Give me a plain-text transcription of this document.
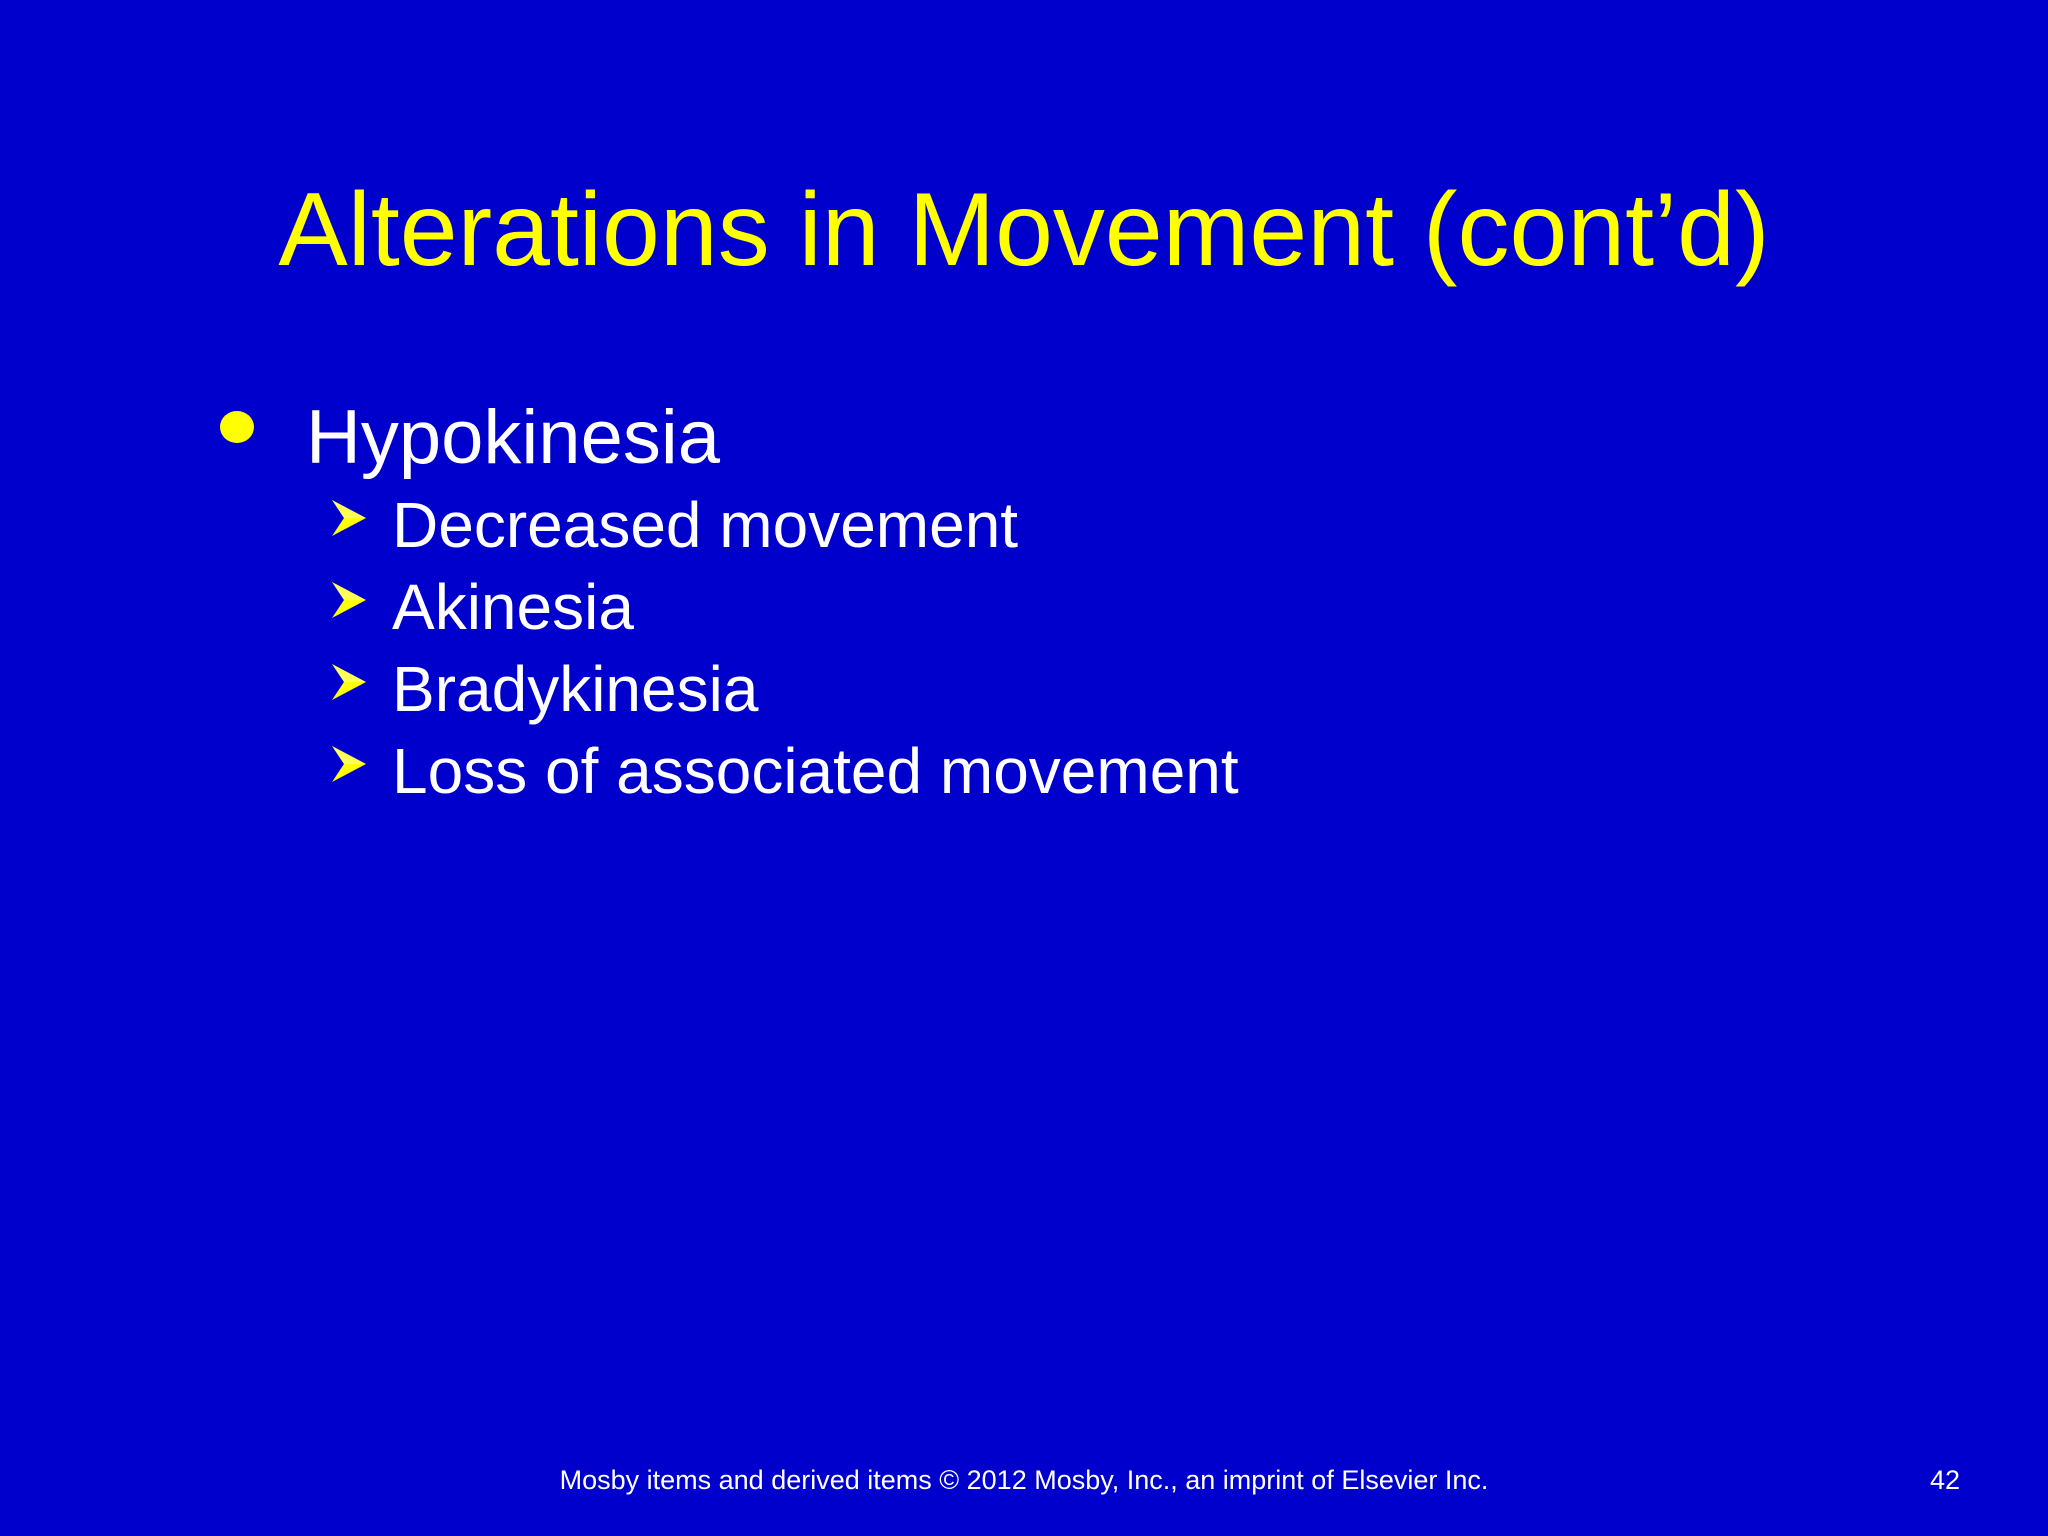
Alterations in Movement (cont’d)
Hypokinesia
Decreased movement
Akinesia
Bradykinesia
Loss of associated movement
Mosby items and derived items © 2012 Mosby, Inc., an imprint of Elsevier Inc.	42
